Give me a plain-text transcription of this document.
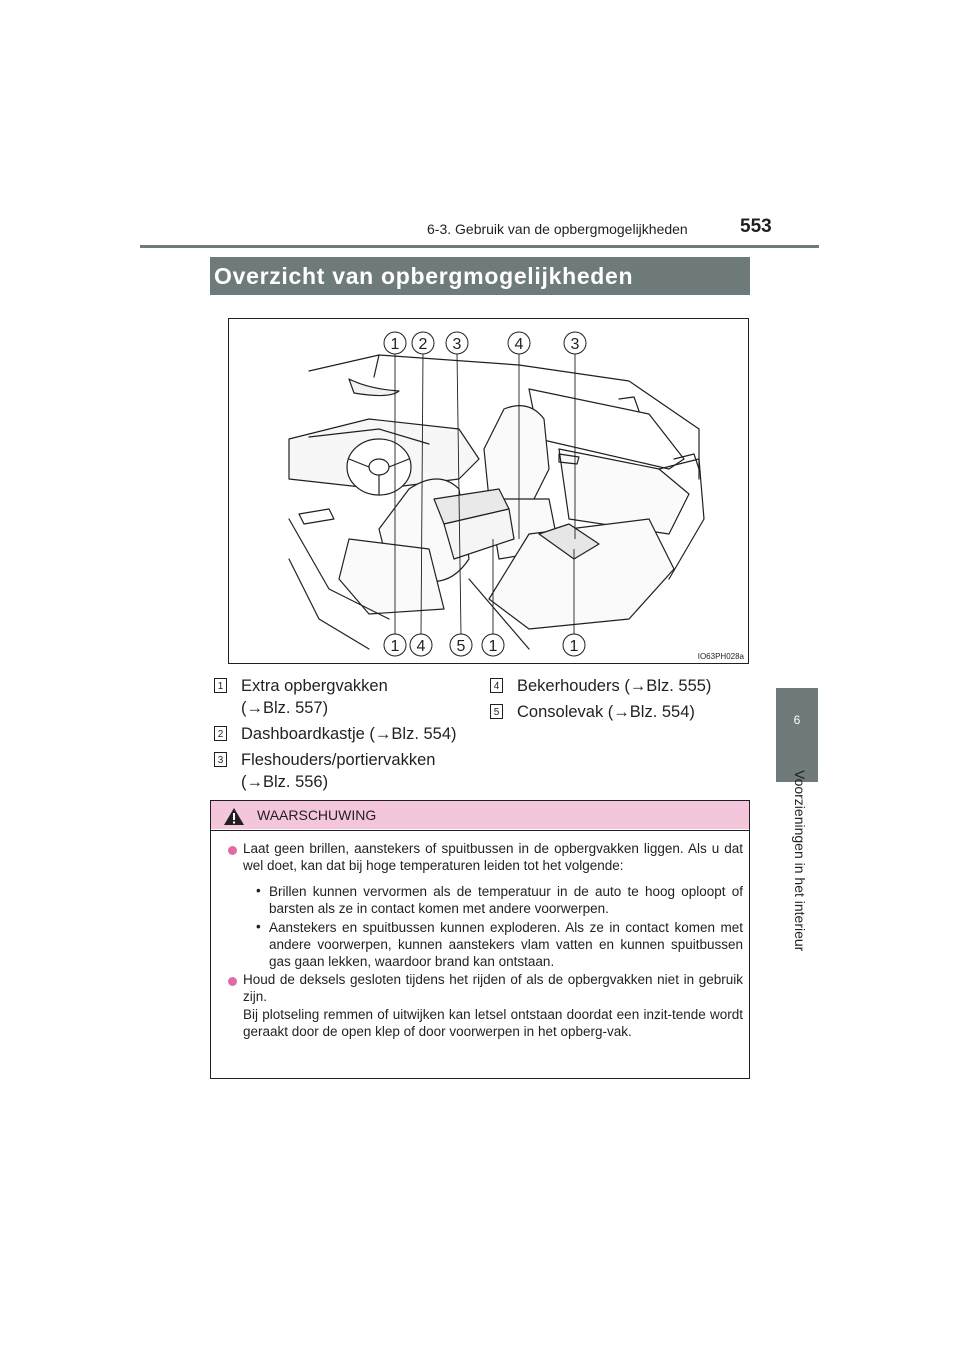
6-3. Gebruik van de opbergmogelijkheden	553
6
Voorzieningen in het interieur
Overzicht van opbergmogelijkheden
1 2 3	4	3
1 4 5 1	1
IO63PH028a
1 Extra opbergvakken
(→Blz. 557)
2 Dashboardkastje (→Blz. 554)
3 Fleshouders/portiervakken
(→Blz. 556)
4 Bekerhouders (→Blz. 555)
5 Consolevak (→Blz. 554)
WAARSCHUWING
Laat geen brillen, aanstekers of spuitbussen in de opbergvakken liggen. Als u dat wel doet, kan dat bij hoge temperaturen leiden tot het volgende:
• Brillen kunnen vervormen als de temperatuur in de auto te hoog oploopt of barsten als ze in contact komen met andere voorwerpen.
• Aanstekers en spuitbussen kunnen exploderen. Als ze in contact komen met andere voorwerpen, kunnen aanstekers vlam vatten en kunnen spuitbussen gas gaan lekken, waardoor brand kan ontstaan.
Houd de deksels gesloten tijdens het rijden of als de opbergvakken niet in gebruik zijn.
Bij plotseling remmen of uitwijken kan letsel ontstaan doordat een inzit-tende wordt geraakt door de open klep of door voorwerpen in het opberg-vak.
